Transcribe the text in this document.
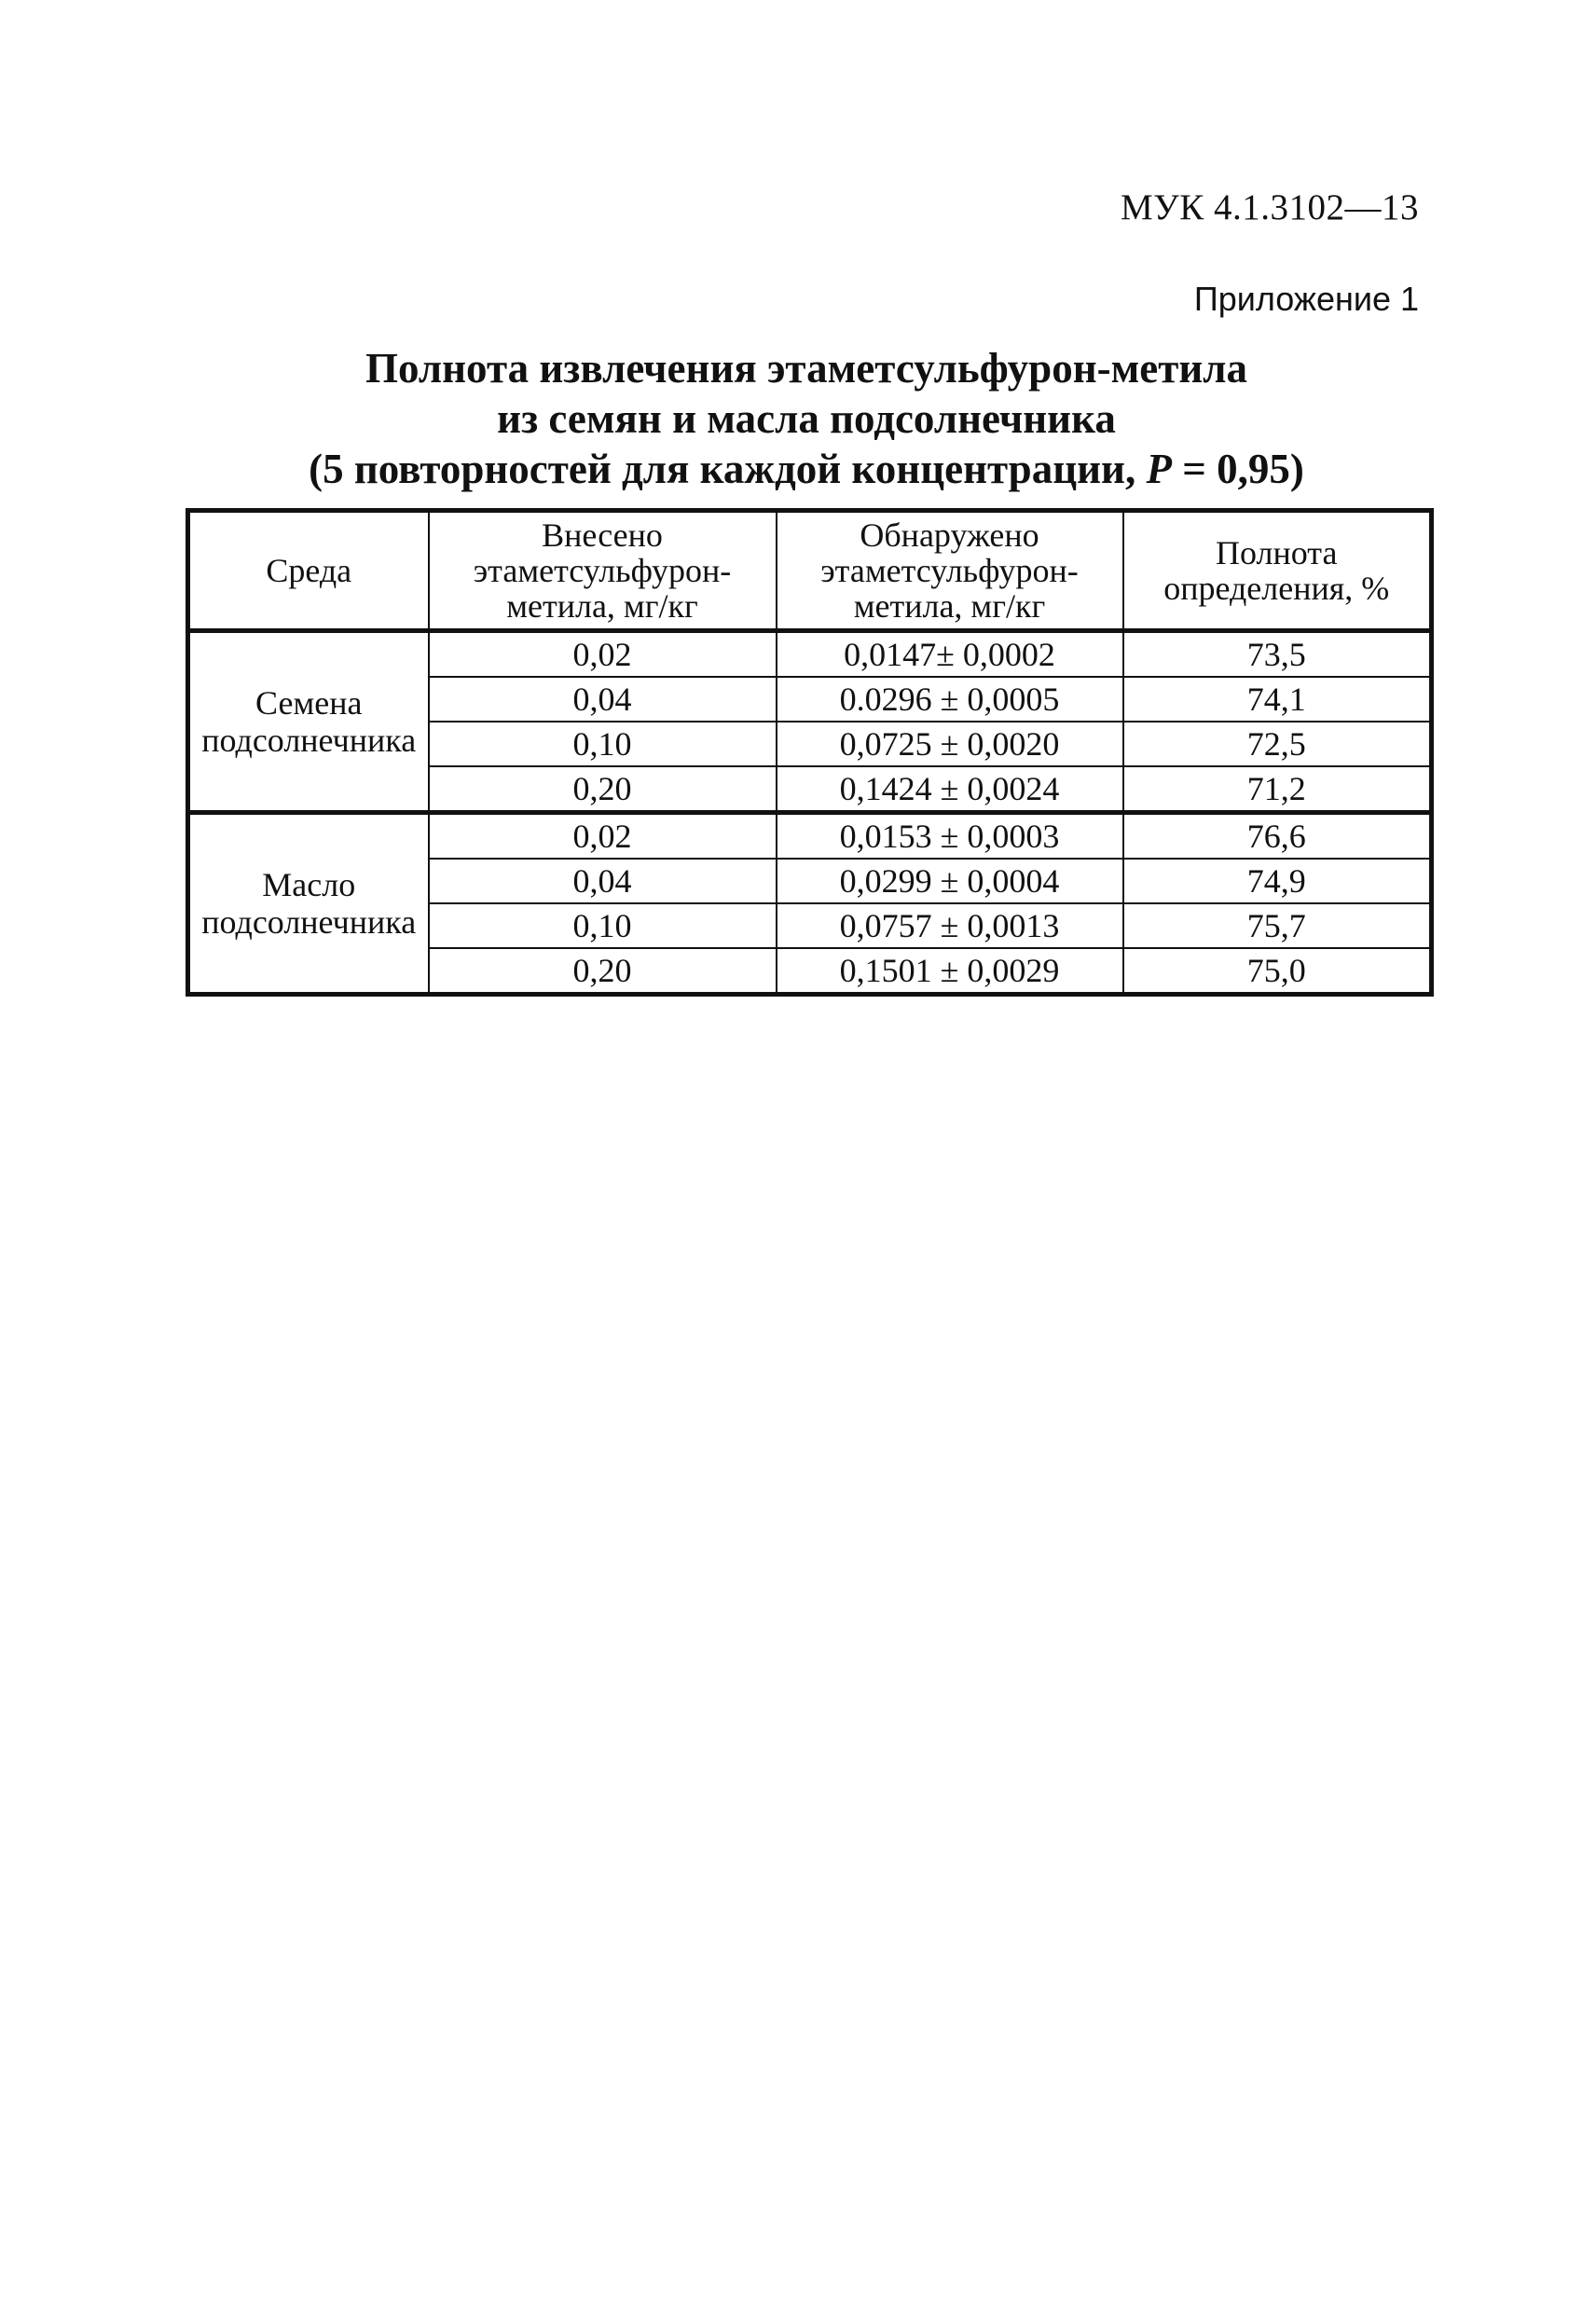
МУК 4.1.3102—13
Приложение 1
Полнота извлечения этаметсульфурон-метила
из семян и масла подсолнечника
(5 повторностей для каждой концентрации, P = 0,95)
Среда	Внесено
этаметсульфурон-
метила, мг/кг	Обнаружено
этаметсульфурон-
метила, мг/кг	Полнота
определения, %

Семена
подсолнечника	0,02	0,0147± 0,0002	73,5
	0,04	0.0296 ± 0,0005	74,1
	0,10	0,0725 ± 0,0020	72,5
	0,20	0,1424 ± 0,0024	71,2

Масло
подсолнечника	0,02	0,0153 ± 0,0003	76,6
	0,04	0,0299 ± 0,0004	74,9
	0,10	0,0757 ± 0,0013	75,7
	0,20	0,1501 ± 0,0029	75,0
